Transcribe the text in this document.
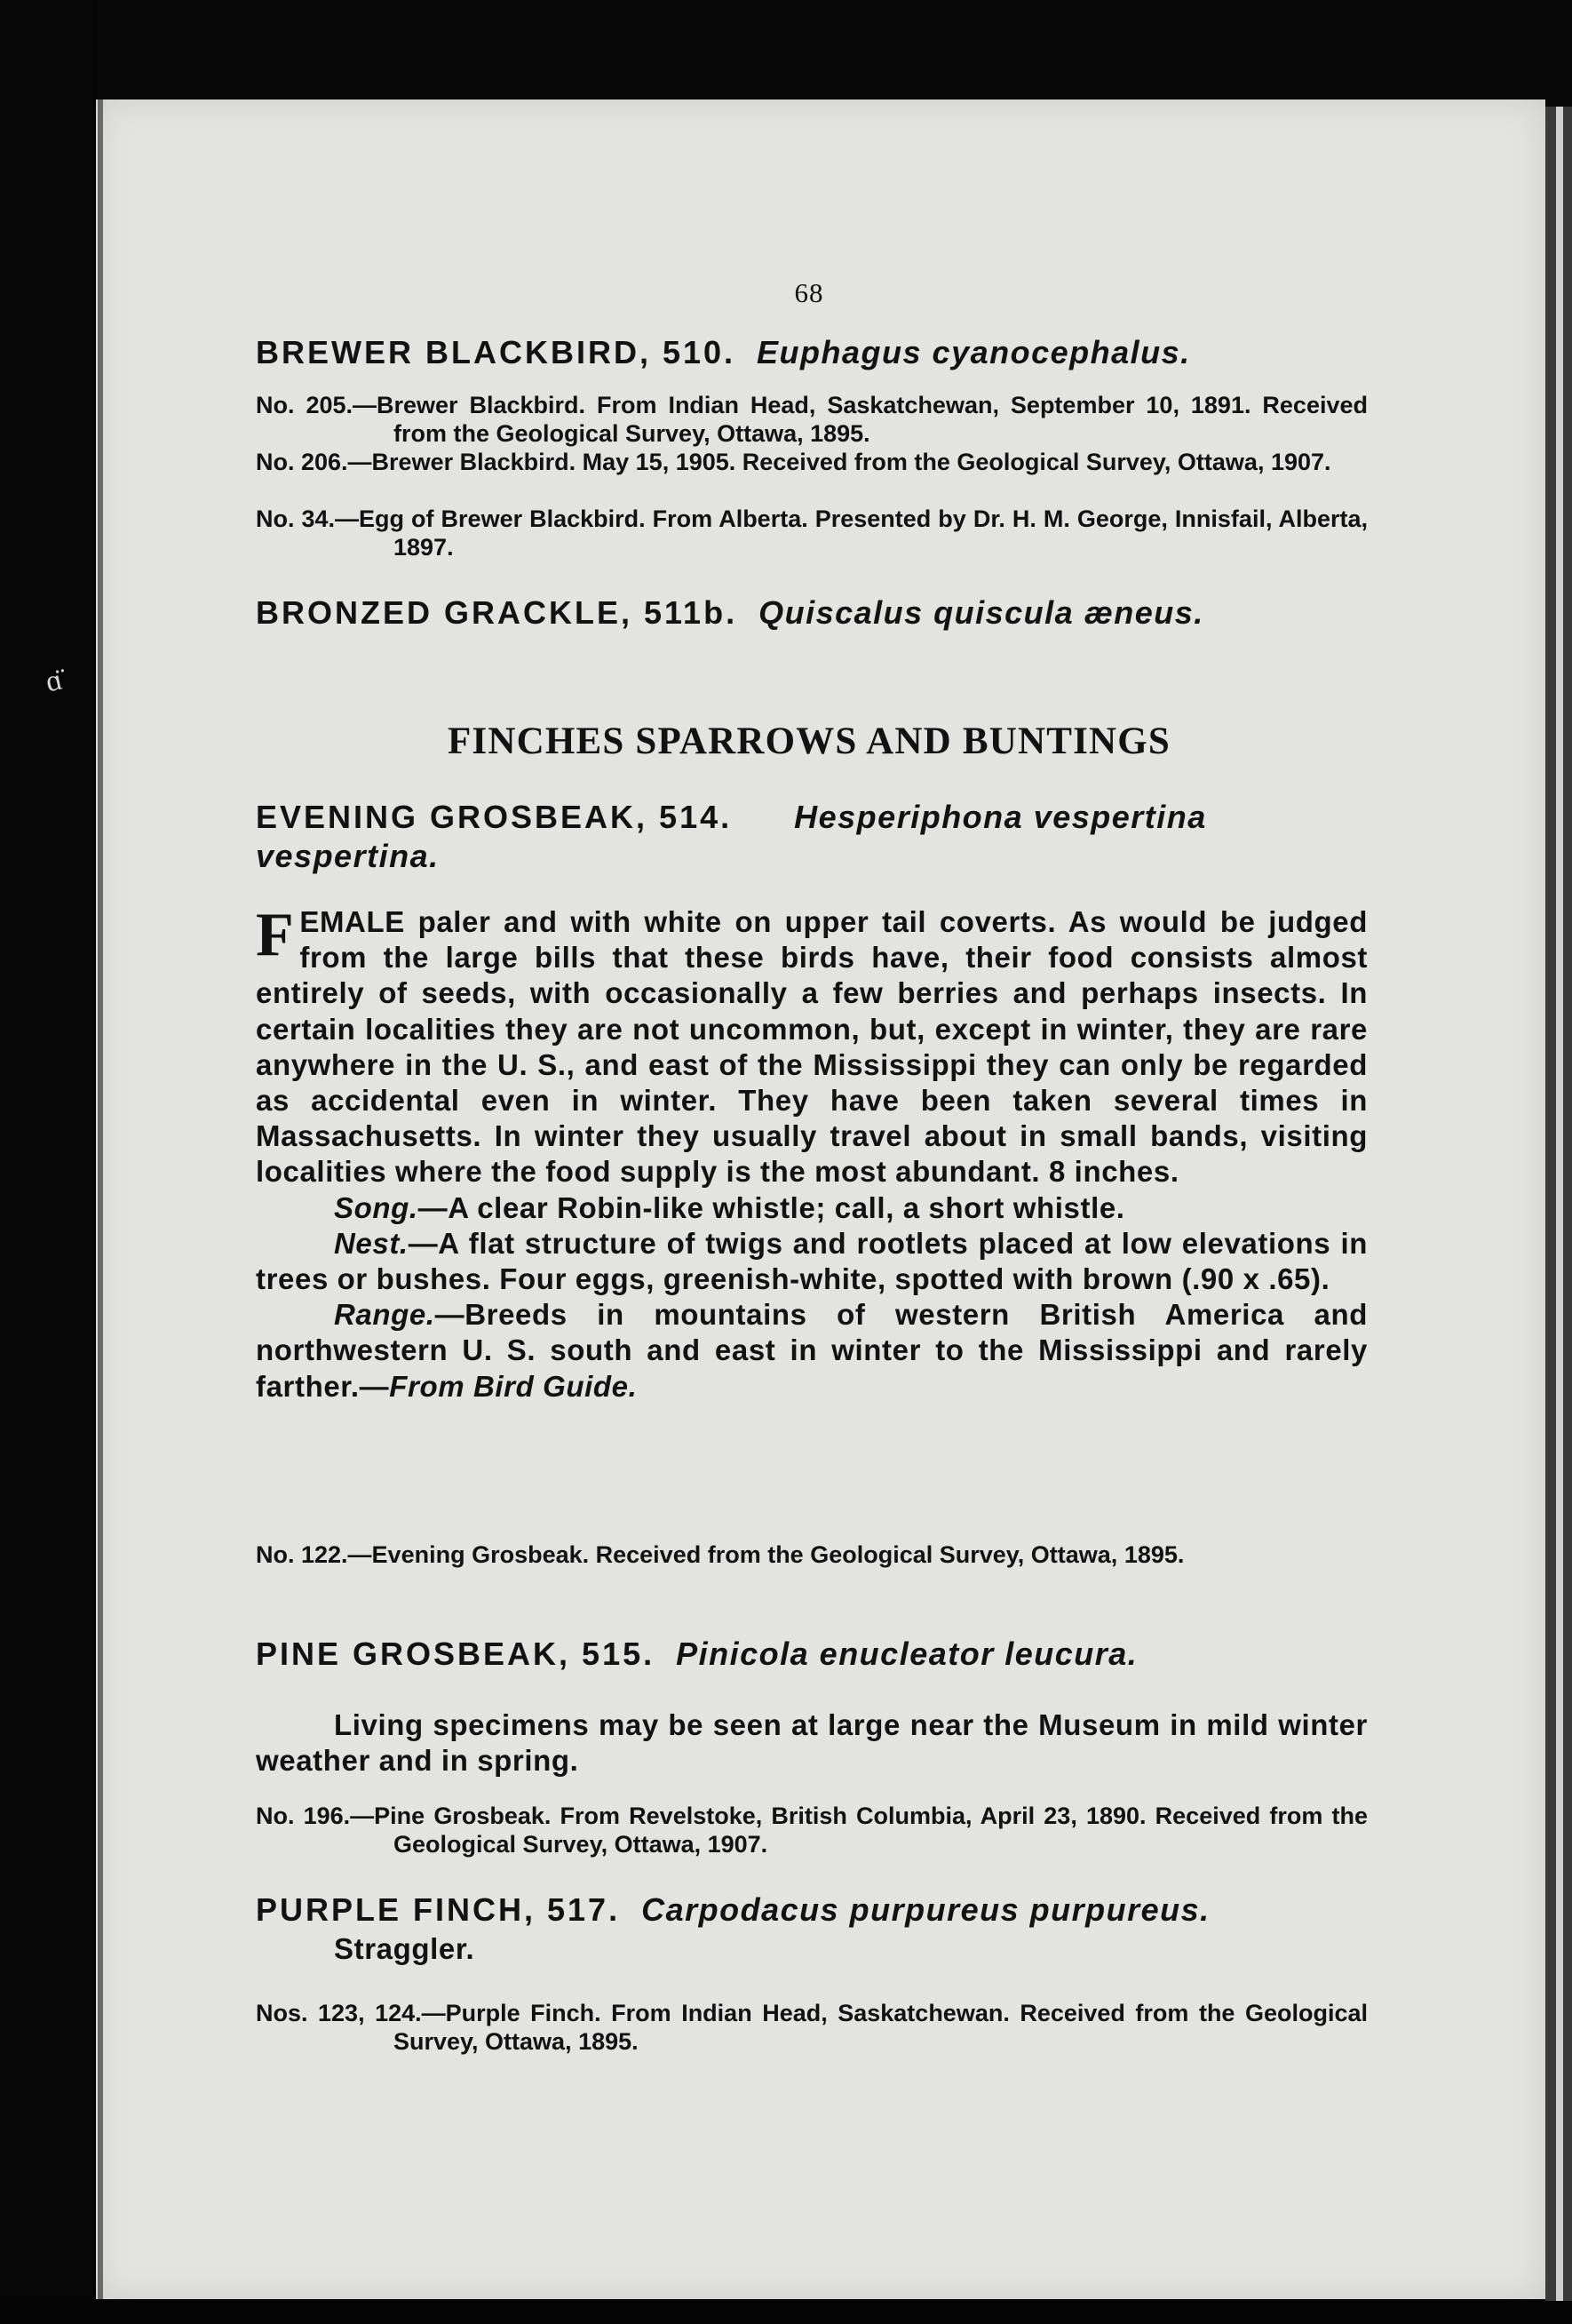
ɑ̈
68
BREWER BLACKBIRD, 510. Euphagus cyanocephalus.
No. 205.—Brewer Blackbird. From Indian Head, Saskatchewan, September 10, 1891. Received from the Geological Survey, Ottawa, 1895.
No. 206.—Brewer Blackbird. May 15, 1905. Received from the Geological Survey, Ottawa, 1907.
No. 34.—Egg of Brewer Blackbird. From Alberta. Presented by Dr. H. M. George, Innisfail, Alberta, 1897.
BRONZED GRACKLE, 511b. Quiscalus quiscula æneus.
FINCHES SPARROWS AND BUNTINGS
EVENING GROSBEAK, 514. Hesperiphona vespertina vespertina.
FEMALE paler and with white on upper tail coverts. As would be judged from the large bills that these birds have, their food consists almost entirely of seeds, with occasionally a few berries and perhaps insects. In certain localities they are not uncommon, but, except in winter, they are rare anywhere in the U. S., and east of the Mississippi they can only be regarded as accidental even in winter. They have been taken several times in Massachusetts. In winter they usually travel about in small bands, visiting localities where the food supply is the most abundant. 8 inches.
Song.—A clear Robin-like whistle; call, a short whistle.
Nest.—A flat structure of twigs and rootlets placed at low elevations in trees or bushes. Four eggs, greenish-white, spotted with brown (.90 x .65).
Range.—Breeds in mountains of western British America and northwestern U. S. south and east in winter to the Mississippi and rarely farther.—From Bird Guide.
No. 122.—Evening Grosbeak. Received from the Geological Survey, Ottawa, 1895.
PINE GROSBEAK, 515. Pinicola enucleator leucura.
Living specimens may be seen at large near the Museum in mild winter weather and in spring.
No. 196.—Pine Grosbeak. From Revelstoke, British Columbia, April 23, 1890. Received from the Geological Survey, Ottawa, 1907.
PURPLE FINCH, 517. Carpodacus purpureus purpureus.
Straggler.
Nos. 123, 124.—Purple Finch. From Indian Head, Saskatchewan. Received from the Geological Survey, Ottawa, 1895.
